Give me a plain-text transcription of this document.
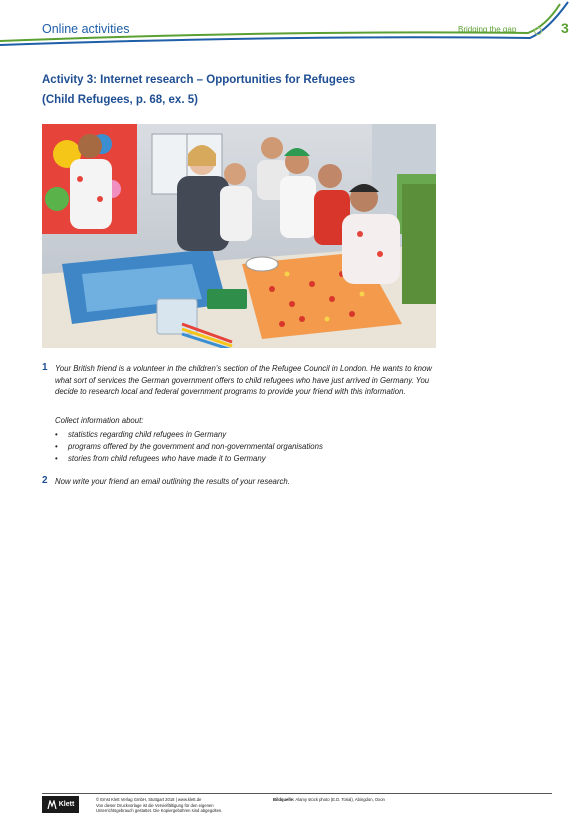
Online activities	Bridging the gap	3
Activity 3: Internet research – Opportunities for Refugees
(Child Refugees, p. 68, ex. 5)
1 Your British friend is a volunteer in the children’s section of the Refugee Council in London. He wants to know what sort of services the German government offers to child refugees who have just arrived in Germany. You decide to research local and federal government programs to provide your friend with this information.
Collect information about:
• statistics regarding child refugees in Germany
• programs offered by the government and non-governmental organisations
• stories from child refugees who have made it to Germany
2 Now write your friend an email outlining the results of your research.
Klett
© Ernst Klett Verlag GmbH, Stuttgart 2018 | www.klett.de
Von dieser Druckvorlage ist die Vervielfältigung für den eigenen
Unterrichtsgebrauch gestattet. Die Kopiergebühren sind abgegolten.
Bildquelle: Alamy stock photo (E.D. Torial), Abingdon, Oxon
